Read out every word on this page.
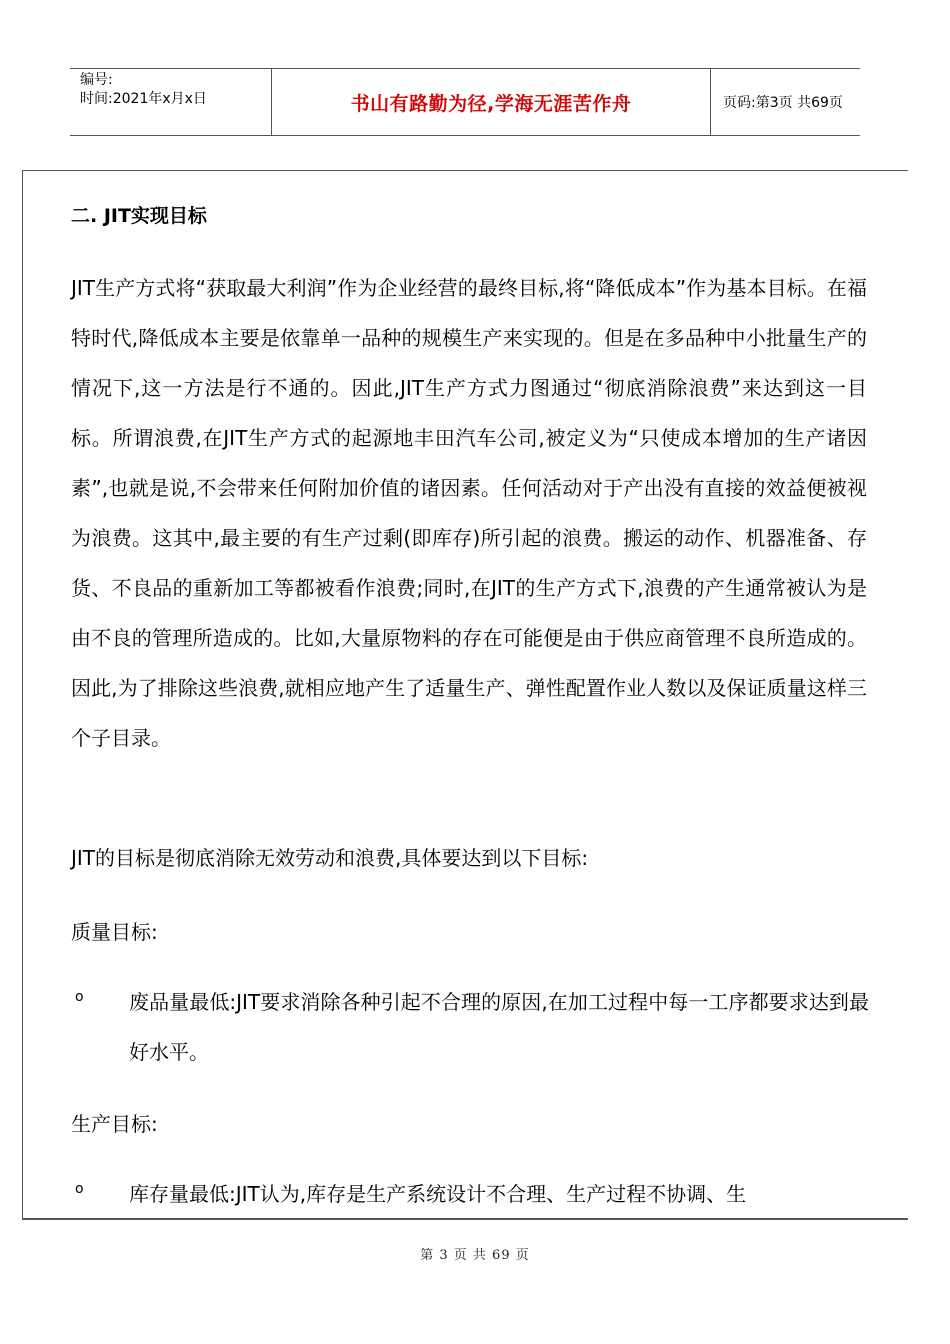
编号:
时间:2021年x月x日	书山有路勤为径,学海无涯苦作舟	页码:第3页 共69页
二. JIT实现目标

JIT生产方式将“获取最大利润”作为企业经营的最终目标,将“降低成本”作为基本目标。在福特时代,降低成本主要是依靠单一品种的规模生产来实现的。但是在多品种中小批量生产的情况下,这一方法是行不通的。因此,JIT生产方式力图通过“彻底消除浪费”来达到这一目标。所谓浪费,在JIT生产方式的起源地丰田汽车公司,被定义为“只使成本增加的生产诸因素”,也就是说,不会带来任何附加价值的诸因素。任何活动对于产出没有直接的效益便被视为浪费。这其中,最主要的有生产过剩(即库存)所引起的浪费。搬运的动作、机器准备、存货、不良品的重新加工等都被看作浪费;同时,在JIT的生产方式下,浪费的产生通常被认为是由不良的管理所造成的。比如,大量原物料的存在可能便是由于供应商管理不良所造成的。因此,为了排除这些浪费,就相应地产生了适量生产、弹性配置作业人数以及保证质量这样三个子目录。

JIT的目标是彻底消除无效劳动和浪费,具体要达到以下目标:
质量目标:
o 废品量最低:JIT要求消除各种引起不合理的原因,在加工过程中每一工序都要求达到最好水平。

生产目标:
o 库存量最低:JIT认为,库存是生产系统设计不合理、生产过程不协调、生

第 3 页 共 69 页
